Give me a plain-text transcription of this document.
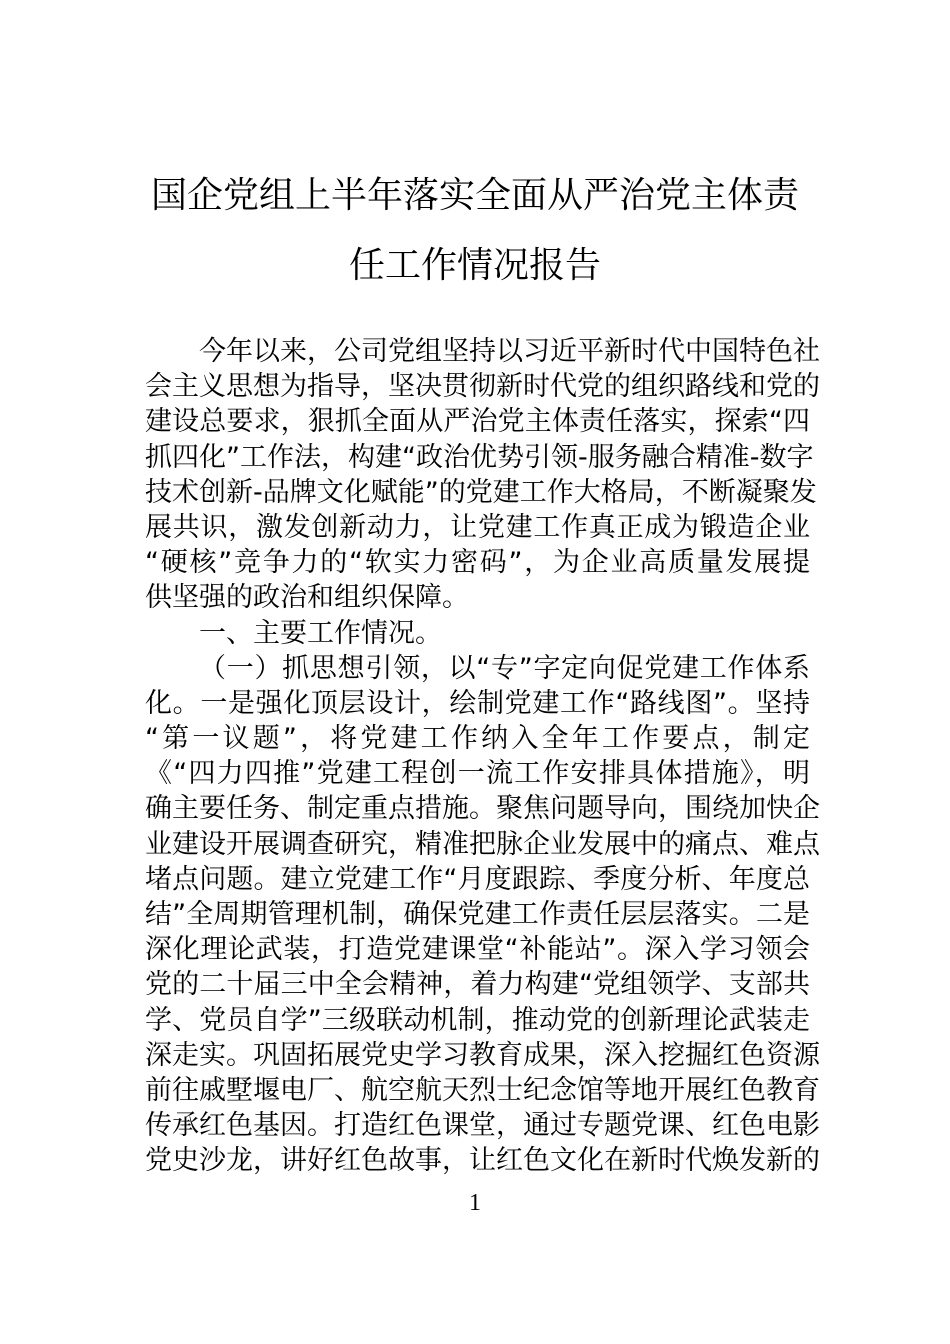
国企党组上半年落实全面从严治党主体责
任工作情况报告
今年以来，公司党组坚持以习近平新时代中国特色社
会主义思想为指导，坚决贯彻新时代党的组织路线和党的
建设总要求，狠抓全面从严治党主体责任落实，探索“四
抓四化”工作法，构建“政治优势引领-服务融合精准-数字
技术创新-品牌文化赋能”的党建工作大格局，不断凝聚发
展共识，激发创新动力，让党建工作真正成为锻造企业
“硬核”竞争力的“软实力密码”，为企业高质量发展提
供坚强的政治和组织保障。
一、主要工作情况。
（一）抓思想引领，以“专”字定向促党建工作体系
化。一是强化顶层设计，绘制党建工作“路线图”。坚持
“第一议题”，将党建工作纳入全年工作要点，制定
《“四力四推”党建工程创一流工作安排具体措施》，明
确主要任务、制定重点措施。聚焦问题导向，围绕加快企
业建设开展调查研究，精准把脉企业发展中的痛点、难点
堵点问题。建立党建工作“月度跟踪、季度分析、年度总
结”全周期管理机制，确保党建工作责任层层落实。二是
深化理论武装，打造党建课堂“补能站”。深入学习领会
党的二十届三中全会精神，着力构建“党组领学、支部共
学、党员自学”三级联动机制，推动党的创新理论武装走
深走实。巩固拓展党史学习教育成果，深入挖掘红色资源
前往戚墅堰电厂、航空航天烈士纪念馆等地开展红色教育
传承红色基因。打造红色课堂，通过专题党课、红色电影
党史沙龙，讲好红色故事，让红色文化在新时代焕发新的
1
